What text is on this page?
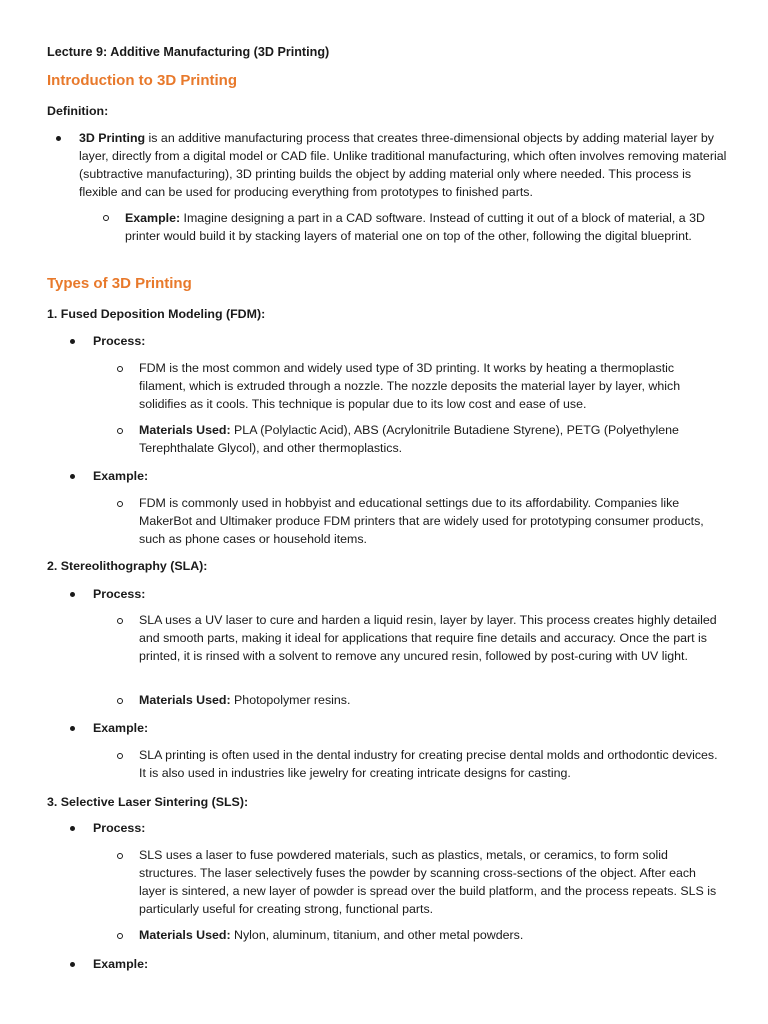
Lecture 9: Additive Manufacturing (3D Printing)
Introduction to 3D Printing
Definition:
3D Printing is an additive manufacturing process that creates three-dimensional objects by adding material layer by layer, directly from a digital model or CAD file. Unlike traditional manufacturing, which often involves removing material (subtractive manufacturing), 3D printing builds the object by adding material only where needed. This process is flexible and can be used for producing everything from prototypes to finished parts.
Example: Imagine designing a part in a CAD software. Instead of cutting it out of a block of material, a 3D printer would build it by stacking layers of material one on top of the other, following the digital blueprint.
Types of 3D Printing
1. Fused Deposition Modeling (FDM):
Process:
FDM is the most common and widely used type of 3D printing. It works by heating a thermoplastic filament, which is extruded through a nozzle. The nozzle deposits the material layer by layer, which solidifies as it cools. This technique is popular due to its low cost and ease of use.
Materials Used: PLA (Polylactic Acid), ABS (Acrylonitrile Butadiene Styrene), PETG (Polyethylene Terephthalate Glycol), and other thermoplastics.
Example:
FDM is commonly used in hobbyist and educational settings due to its affordability. Companies like MakerBot and Ultimaker produce FDM printers that are widely used for prototyping consumer products, such as phone cases or household items.
2. Stereolithography (SLA):
Process:
SLA uses a UV laser to cure and harden a liquid resin, layer by layer. This process creates highly detailed and smooth parts, making it ideal for applications that require fine details and accuracy. Once the part is printed, it is rinsed with a solvent to remove any uncured resin, followed by post-curing with UV light.
Materials Used: Photopolymer resins.
Example:
SLA printing is often used in the dental industry for creating precise dental molds and orthodontic devices. It is also used in industries like jewelry for creating intricate designs for casting.
3. Selective Laser Sintering (SLS):
Process:
SLS uses a laser to fuse powdered materials, such as plastics, metals, or ceramics, to form solid structures. The laser selectively fuses the powder by scanning cross-sections of the object. After each layer is sintered, a new layer of powder is spread over the build platform, and the process repeats. SLS is particularly useful for creating strong, functional parts.
Materials Used: Nylon, aluminum, titanium, and other metal powders.
Example:
